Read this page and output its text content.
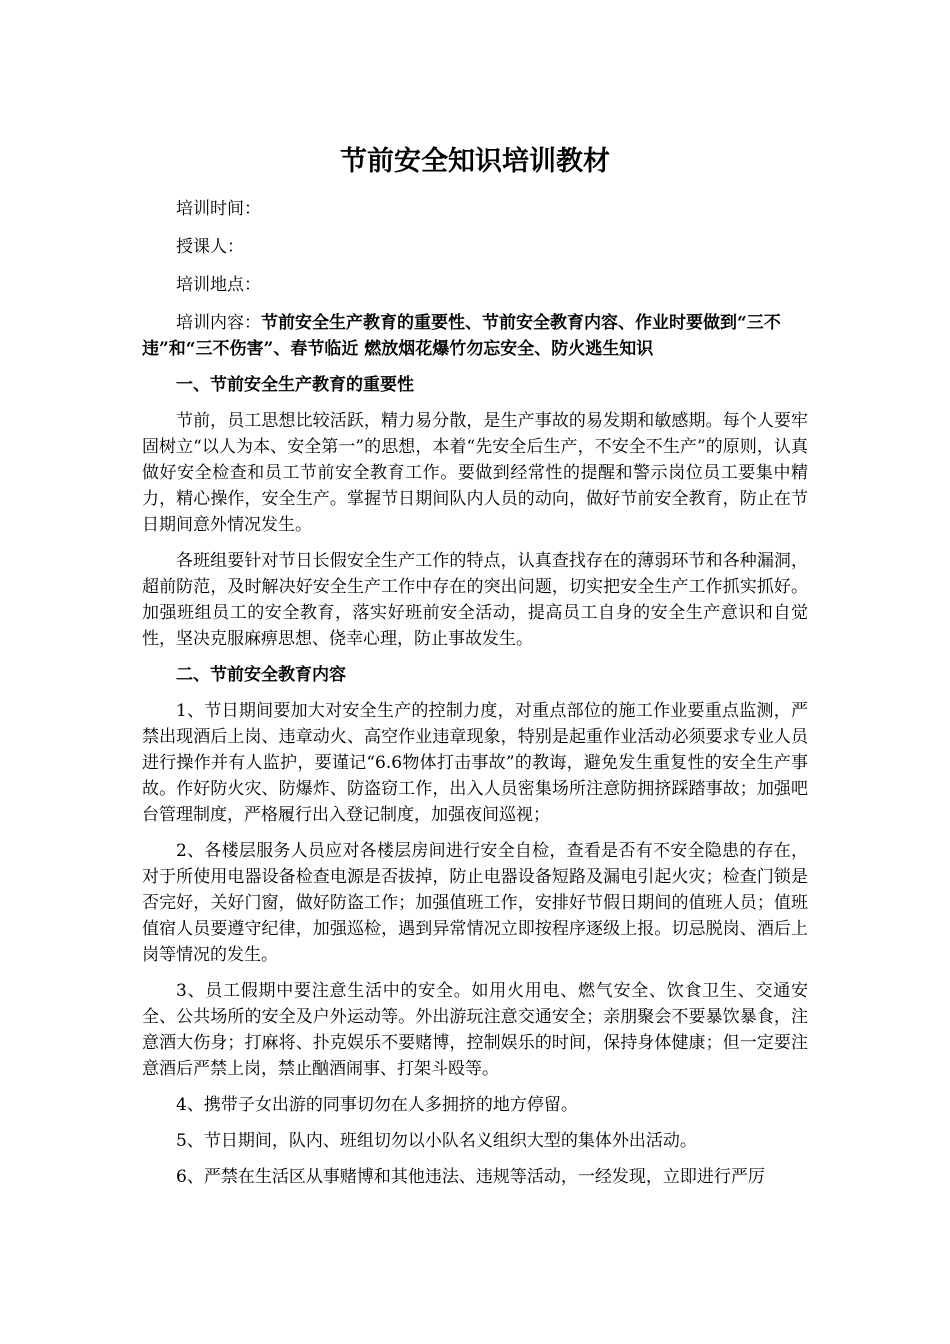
节前安全知识培训教材

培训时间：

授课人：

培训地点：

培训内容：节前安全生产教育的重要性、节前安全教育内容、作业时要做到“三不违”和“三不伤害”、春节临近 燃放烟花爆竹勿忘安全、防火逃生知识

一、节前安全生产教育的重要性

节前，员工思想比较活跃，精力易分散，是生产事故的易发期和敏感期。每个人要牢固树立“以人为本、安全第一”的思想，本着“先安全后生产，不安全不生产”的原则，认真做好安全检查和员工节前安全教育工作。要做到经常性的提醒和警示岗位员工要集中精力，精心操作，安全生产。掌握节日期间队内人员的动向，做好节前安全教育，防止在节日期间意外情况发生。

各班组要针对节日长假安全生产工作的特点，认真查找存在的薄弱环节和各种漏洞，超前防范，及时解决好安全生产工作中存在的突出问题，切实把安全生产工作抓实抓好。加强班组员工的安全教育，落实好班前安全活动，提高员工自身的安全生产意识和自觉性，坚决克服麻痹思想、侥幸心理，防止事故发生。

二、节前安全教育内容

1、节日期间要加大对安全生产的控制力度，对重点部位的施工作业要重点监测，严禁出现酒后上岗、违章动火、高空作业违章现象，特别是起重作业活动必须要求专业人员进行操作并有人监护，要谨记“6.6物体打击事故”的教诲，避免发生重复性的安全生产事故。作好防火灾、防爆炸、防盗窃工作，出入人员密集场所注意防拥挤踩踏事故；加强吧台管理制度，严格履行出入登记制度，加强夜间巡视；

2、各楼层服务人员应对各楼层房间进行安全自检，查看是否有不安全隐患的存在，对于所使用电器设备检查电源是否拔掉，防止电器设备短路及漏电引起火灾；检查门锁是否完好，关好门窗，做好防盗工作；加强值班工作，安排好节假日期间的值班人员；值班值宿人员要遵守纪律，加强巡检，遇到异常情况立即按程序逐级上报。切忌脱岗、酒后上岗等情况的发生。

3、员工假期中要注意生活中的安全。如用火用电、燃气安全、饮食卫生、交通安全、公共场所的安全及户外运动等。外出游玩注意交通安全；亲朋聚会不要暴饮暴食，注意酒大伤身；打麻将、扑克娱乐不要赌博，控制娱乐的时间，保持身体健康；但一定要注意酒后严禁上岗，禁止酗酒闹事、打架斗殴等。

4、携带子女出游的同事切勿在人多拥挤的地方停留。

5、节日期间，队内、班组切勿以小队名义组织大型的集体外出活动。

6、严禁在生活区从事赌博和其他违法、违规等活动，一经发现，立即进行严厉
